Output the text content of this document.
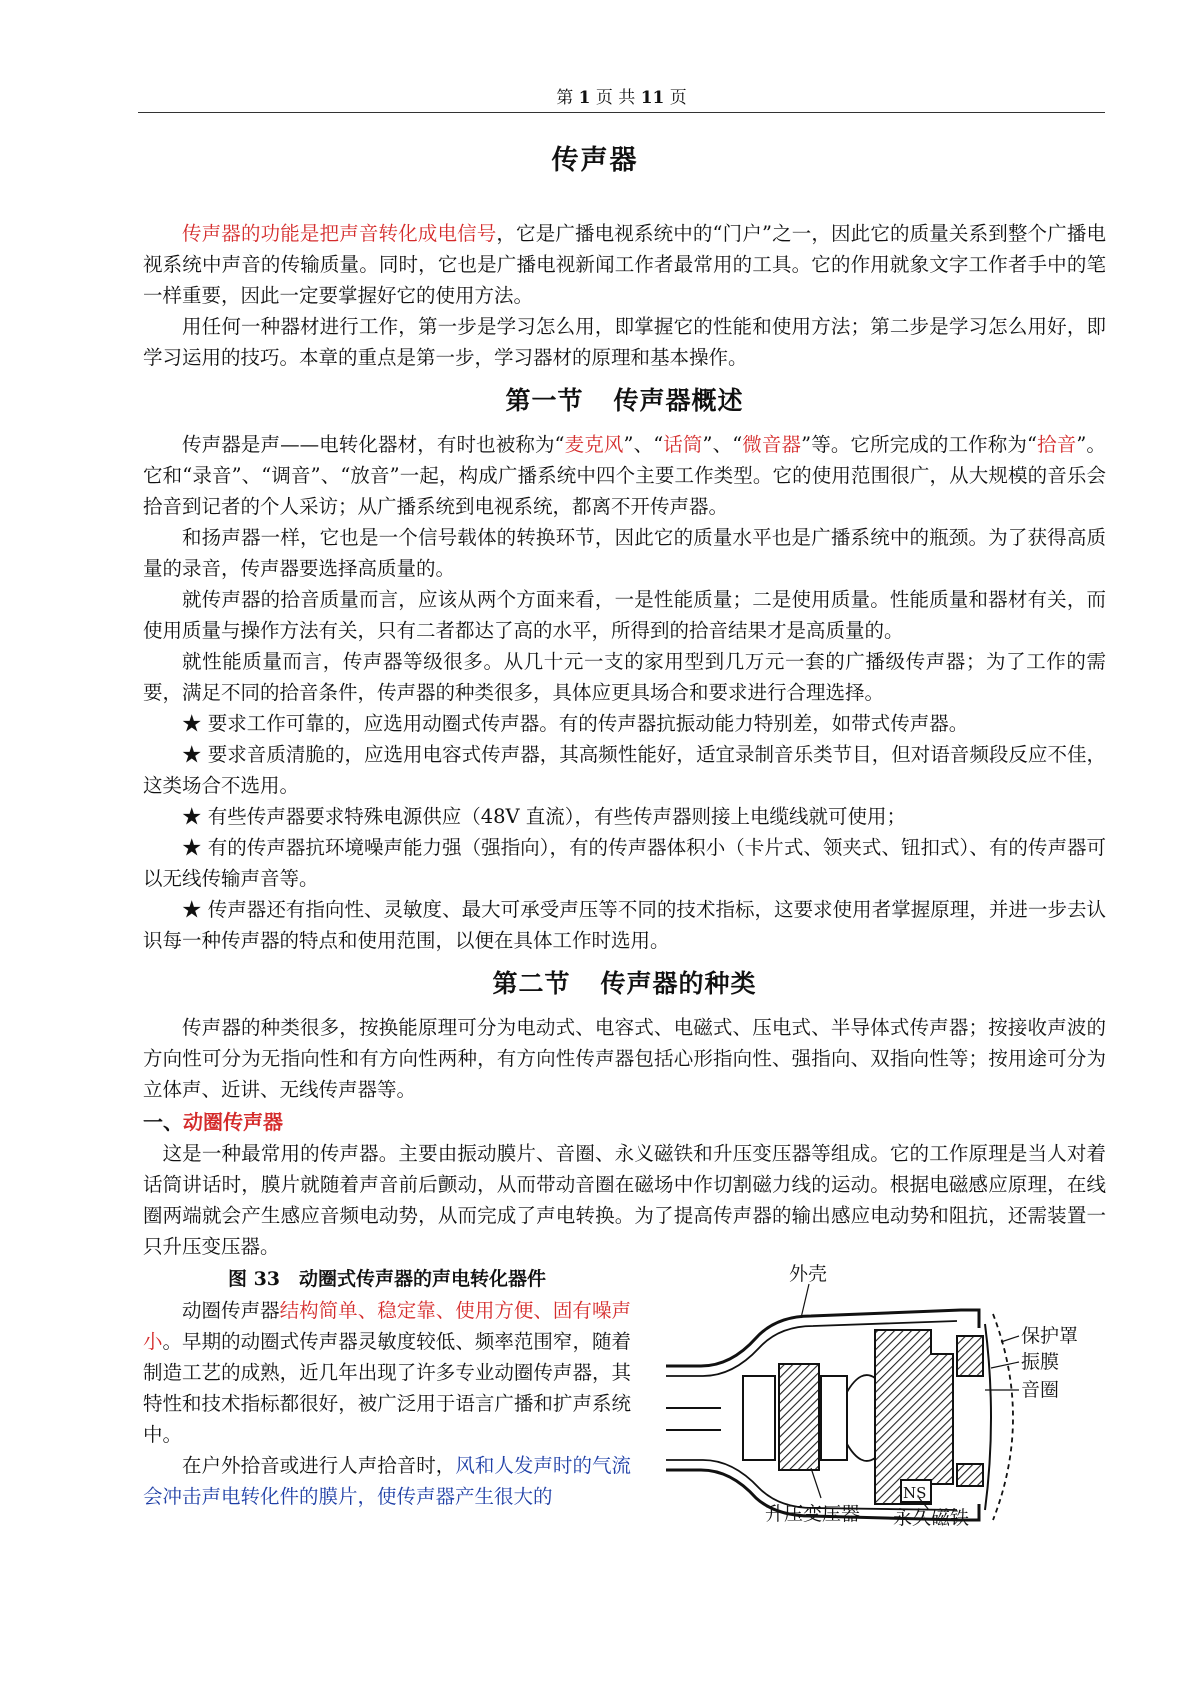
第 1 页 共 11 页
传声器

传声器的功能是把声音转化成电信号，它是广播电视系统中的“门户”之一，因此它的质量关系到整个广播电视系统中声音的传输质量。同时，它也是广播电视新闻工作者最常用的工具。它的作用就象文字工作者手中的笔一样重要，因此一定要掌握好它的使用方法。

用任何一种器材进行工作，第一步是学习怎么用，即掌握它的性能和使用方法；第二步是学习怎么用好，即学习运用的技巧。本章的重点是第一步，学习器材的原理和基本操作。

第一节 传声器概述

传声器是声——电转化器材，有时也被称为“麦克风”、“话筒”、“微音器”等。它所完成的工作称为“拾音”。它和“录音”、“调音”、“放音”一起，构成广播系统中四个主要工作类型。它的使用范围很广，从大规模的音乐会拾音到记者的个人采访；从广播系统到电视系统，都离不开传声器。

和扬声器一样，它也是一个信号载体的转换环节，因此它的质量水平也是广播系统中的瓶颈。为了获得高质量的录音，传声器要选择高质量的。

就传声器的拾音质量而言，应该从两个方面来看，一是性能质量；二是使用质量。性能质量和器材有关，而使用质量与操作方法有关，只有二者都达了高的水平，所得到的拾音结果才是高质量的。

就性能质量而言，传声器等级很多。从几十元一支的家用型到几万元一套的广播级传声器；为了工作的需要，满足不同的拾音条件，传声器的种类很多，具体应更具场合和要求进行合理选择。

★ 要求工作可靠的，应选用动圈式传声器。有的传声器抗振动能力特别差，如带式传声器。

★ 要求音质清脆的，应选用电容式传声器，其高频性能好，适宜录制音乐类节目，但对语音频段反应不佳，这类场合不选用。

★ 有些传声器要求特殊电源供应（48V 直流），有些传声器则接上电缆线就可使用；

★ 有的传声器抗环境噪声能力强（强指向），有的传声器体积小（卡片式、领夹式、钮扣式）、有的传声器可以无线传输声音等。

★ 传声器还有指向性、灵敏度、最大可承受声压等不同的技术指标，这要求使用者掌握原理，并进一步去认识每一种传声器的特点和使用范围，以便在具体工作时选用。

第二节 传声器的种类

传声器的种类很多，按换能原理可分为电动式、电容式、电磁式、压电式、半导体式传声器；按接收声波的方向性可分为无指向性和有方向性两种，有方向性传声器包括心形指向性、强指向、双指向性等；按用途可分为立体声、近讲、无线传声器等。

一、动圈传声器

这是一种最常用的传声器。主要由振动膜片、音圈、永义磁铁和升压变压器等组成。它的工作原理是当人对着话筒讲话时，膜片就随着声音前后颤动，从而带动音圈在磁场中作切割磁力线的运动。根据电磁感应原理，在线圈两端就会产生感应音频电动势，从而完成了声电转换。为了提高传声器的输出感应电动势和阻抗，还需装置一只升压变压器。

图 33　动圈式传声器的声电转化器件

动圈传声器结构简单、稳定靠、使用方便、固有噪声小。早期的动圈式传声器灵敏度较低、频率范围窄，随着制造工艺的成熟，近几年出现了许多专业动圈传声器，其特性和技术指标都很好，被广泛用于语言广播和扩声系统中。

在户外拾音或进行人声拾音时，风和人发声时的气流会冲击声电转化件的膜片，使传声器产生很大的	NS
外壳
保护罩
振膜
音圈
升压变压器 永久磁铁
